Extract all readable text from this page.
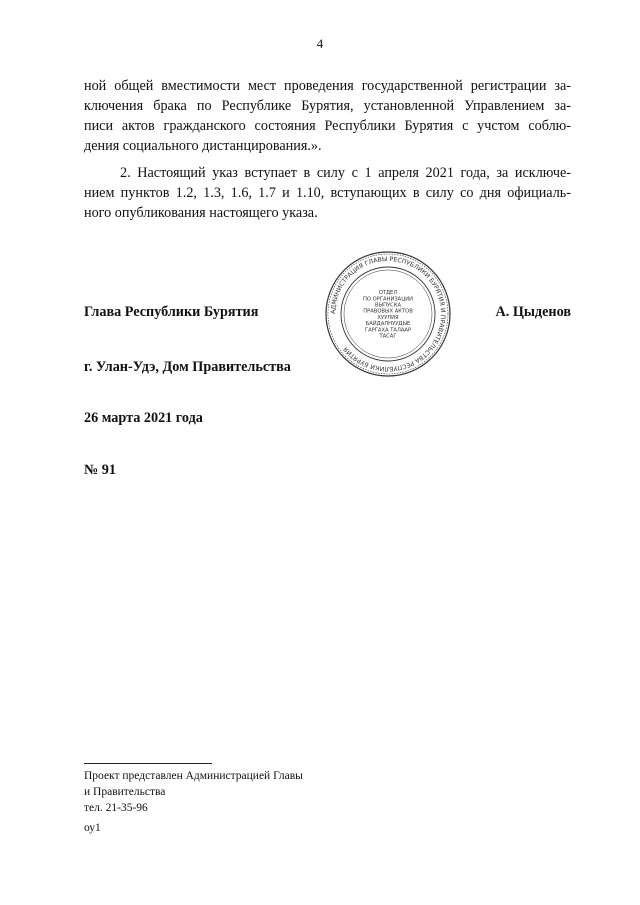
4
ной общей вместимости мест проведения государственной регистрации за-
ключения брака по Республике Бурятия, установленной Управлением за-
писи актов гражданского состояния Республики Бурятия с учстом соблю-
дения социального дистанцирования.».
2. Настоящий указ вступает в силу с 1 апреля 2021 года, за исключе-
нием пунктов 1.2, 1.3, 1.6, 1.7 и 1.10, вступающих в силу со дня официаль-
ного опубликования настоящего указа.
Глава Республики Бурятия	АДМИНИСТРАЦИЯ ГЛАВЫ РЕСПУБЛИКИ БУРЯТИЯ И ПРАВИТЕЛЬСТВА РЕСПУБЛИКИ БУРЯТИЯ
ОТДЕЛ
ПО ОРГАНИЗАЦИИ
ВЫПУСКА
ПРАВОВЫХ АКТОВ
ХУУЛИЯ
БАЙДАЛНУУДЫЕ
ГАРГАХА ТАЛААР
ТАСАГ
А. Цыденов
г. Улан-Удэ, Дом Правительства
26 марта 2021 года
№ 91
Проект представлен Администрацией Главы
и Правительства
тел. 21-35-96
оу1
